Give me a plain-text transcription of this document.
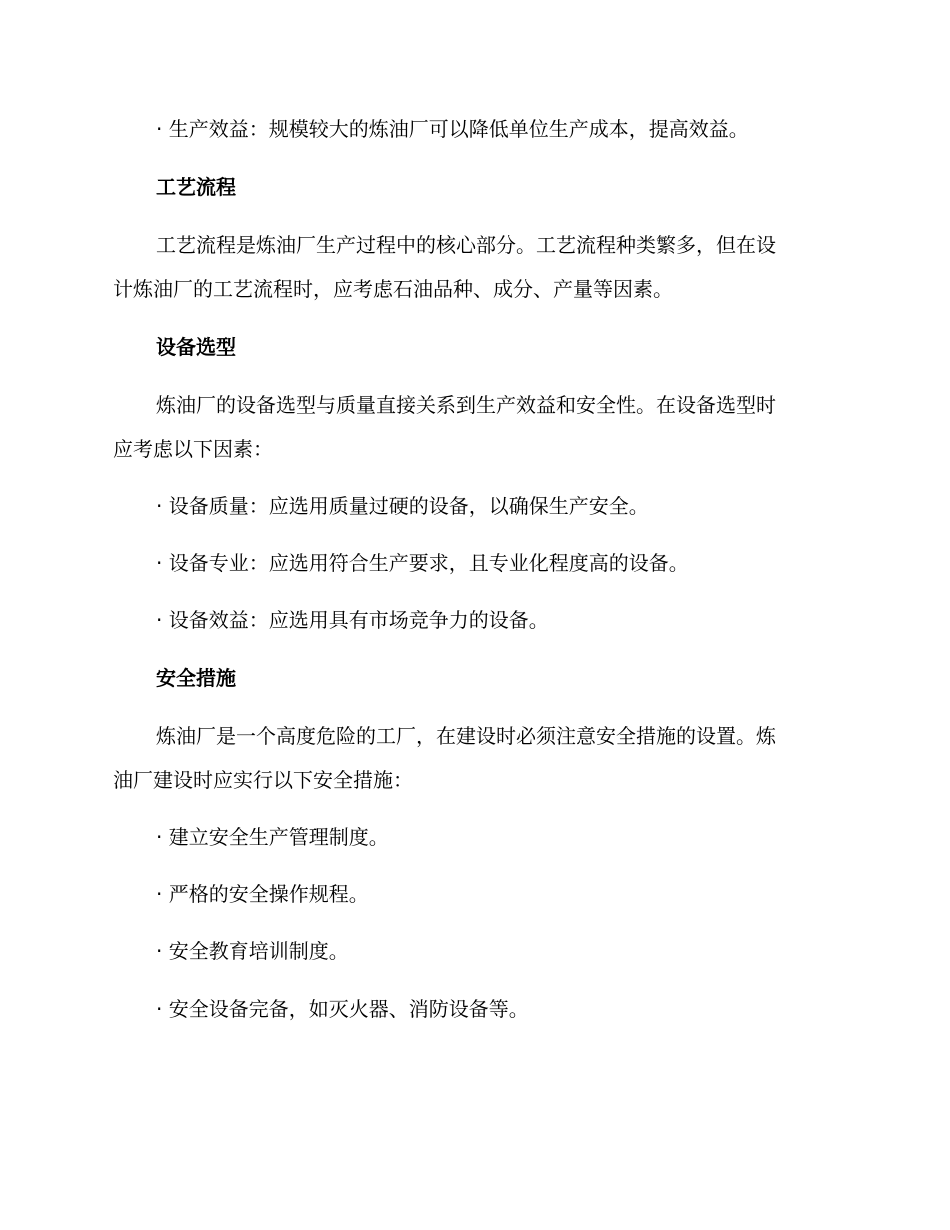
· 生产效益：规模较大的炼油厂可以降低单位生产成本，提高效益。
工艺流程
工艺流程是炼油厂生产过程中的核心部分。工艺流程种类繁多，但在设
计炼油厂的工艺流程时，应考虑石油品种、成分、产量等因素。
设备选型
炼油厂的设备选型与质量直接关系到生产效益和安全性。在设备选型时
应考虑以下因素：
· 设备质量：应选用质量过硬的设备，以确保生产安全。
· 设备专业：应选用符合生产要求，且专业化程度高的设备。
· 设备效益：应选用具有市场竞争力的设备。
安全措施
炼油厂是一个高度危险的工厂，在建设时必须注意安全措施的设置。炼
油厂建设时应实行以下安全措施：
· 建立安全生产管理制度。
· 严格的安全操作规程。
· 安全教育培训制度。
· 安全设备完备，如灭火器、消防设备等。
